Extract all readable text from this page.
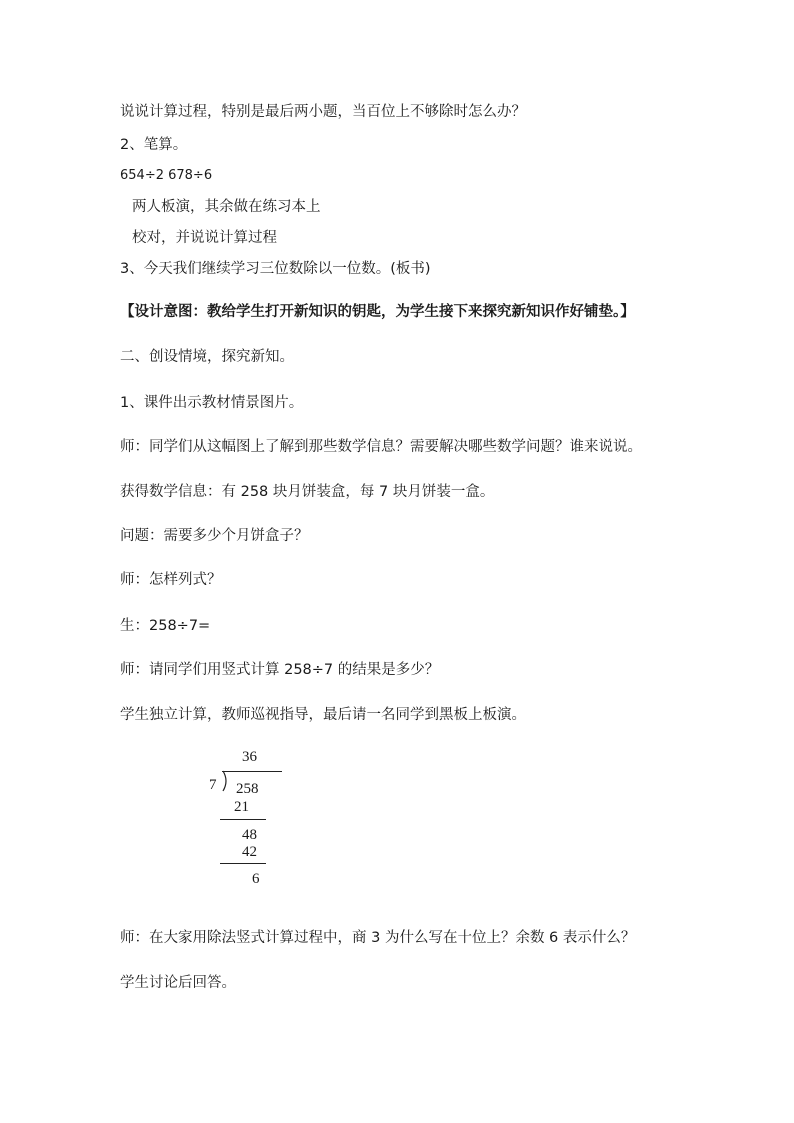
说说计算过程，特别是最后两小题，当百位上不够除时怎么办？
2、笔算。
654÷2 678÷6
两人板演，其余做在练习本上
校对，并说说计算过程
3、今天我们继续学习三位数除以一位数。(板书)
【设计意图：教给学生打开新知识的钥匙，为学生接下来探究新知识作好铺垫。】
二、创设情境，探究新知。
1、课件出示教材情景图片。
师：同学们从这幅图上了解到那些数学信息？需要解决哪些数学问题？谁来说说。
获得数学信息：有 258 块月饼装盒，每 7 块月饼装一盒。
问题：需要多少个月饼盒子？
师：怎样列式？
生：258÷7=
师：请同学们用竖式计算 258÷7 的结果是多少？
学生独立计算，教师巡视指导，最后请一名同学到黑板上板演。
36
7 258
21
48
42
6
师：在大家用除法竖式计算过程中，商 3 为什么写在十位上？余数 6 表示什么？
学生讨论后回答。
